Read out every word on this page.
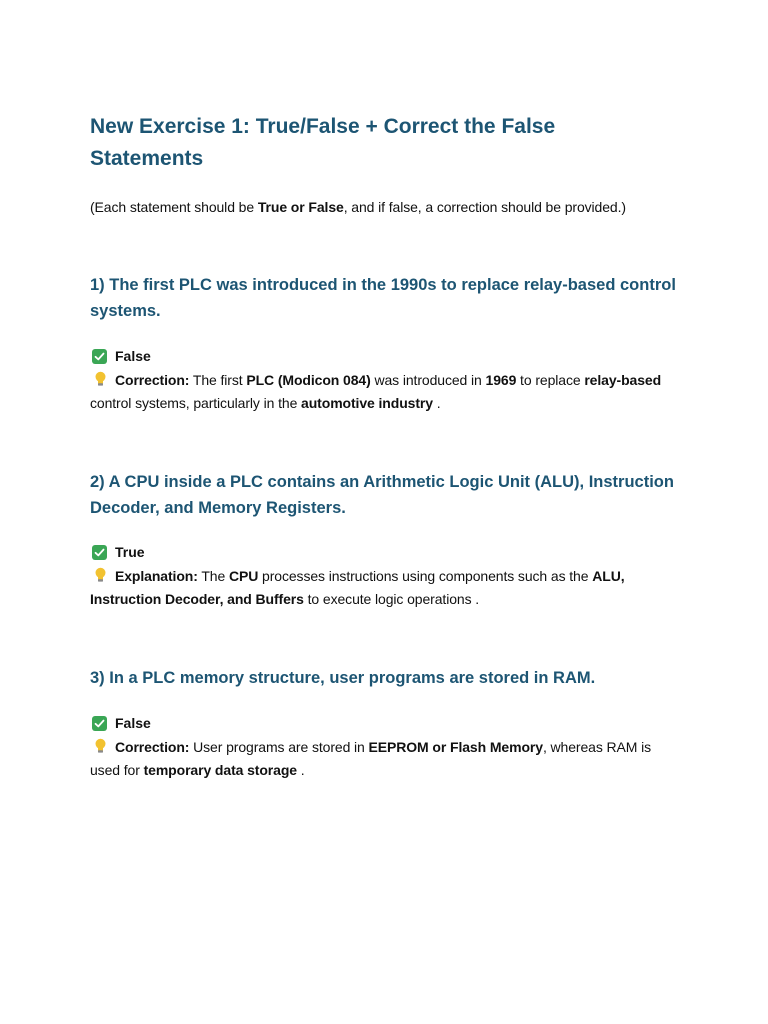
New Exercise 1: True/False + Correct the False Statements

(Each statement should be True or False, and if false, a correction should be provided.)

1) The first PLC was introduced in the 1990s to replace relay-based control systems.
False

Correction: The first PLC (Modicon 084) was introduced in 1969 to replace relay-based control systems, particularly in the automotive industry .

2) A CPU inside a PLC contains an Arithmetic Logic Unit (ALU), Instruction Decoder, and Memory Registers.
True

Explanation: The CPU processes instructions using components such as the ALU, Instruction Decoder, and Buffers to execute logic operations .

3) In a PLC memory structure, user programs are stored in RAM.
False

Correction: User programs are stored in EEPROM or Flash Memory, whereas RAM is used for temporary data storage .
